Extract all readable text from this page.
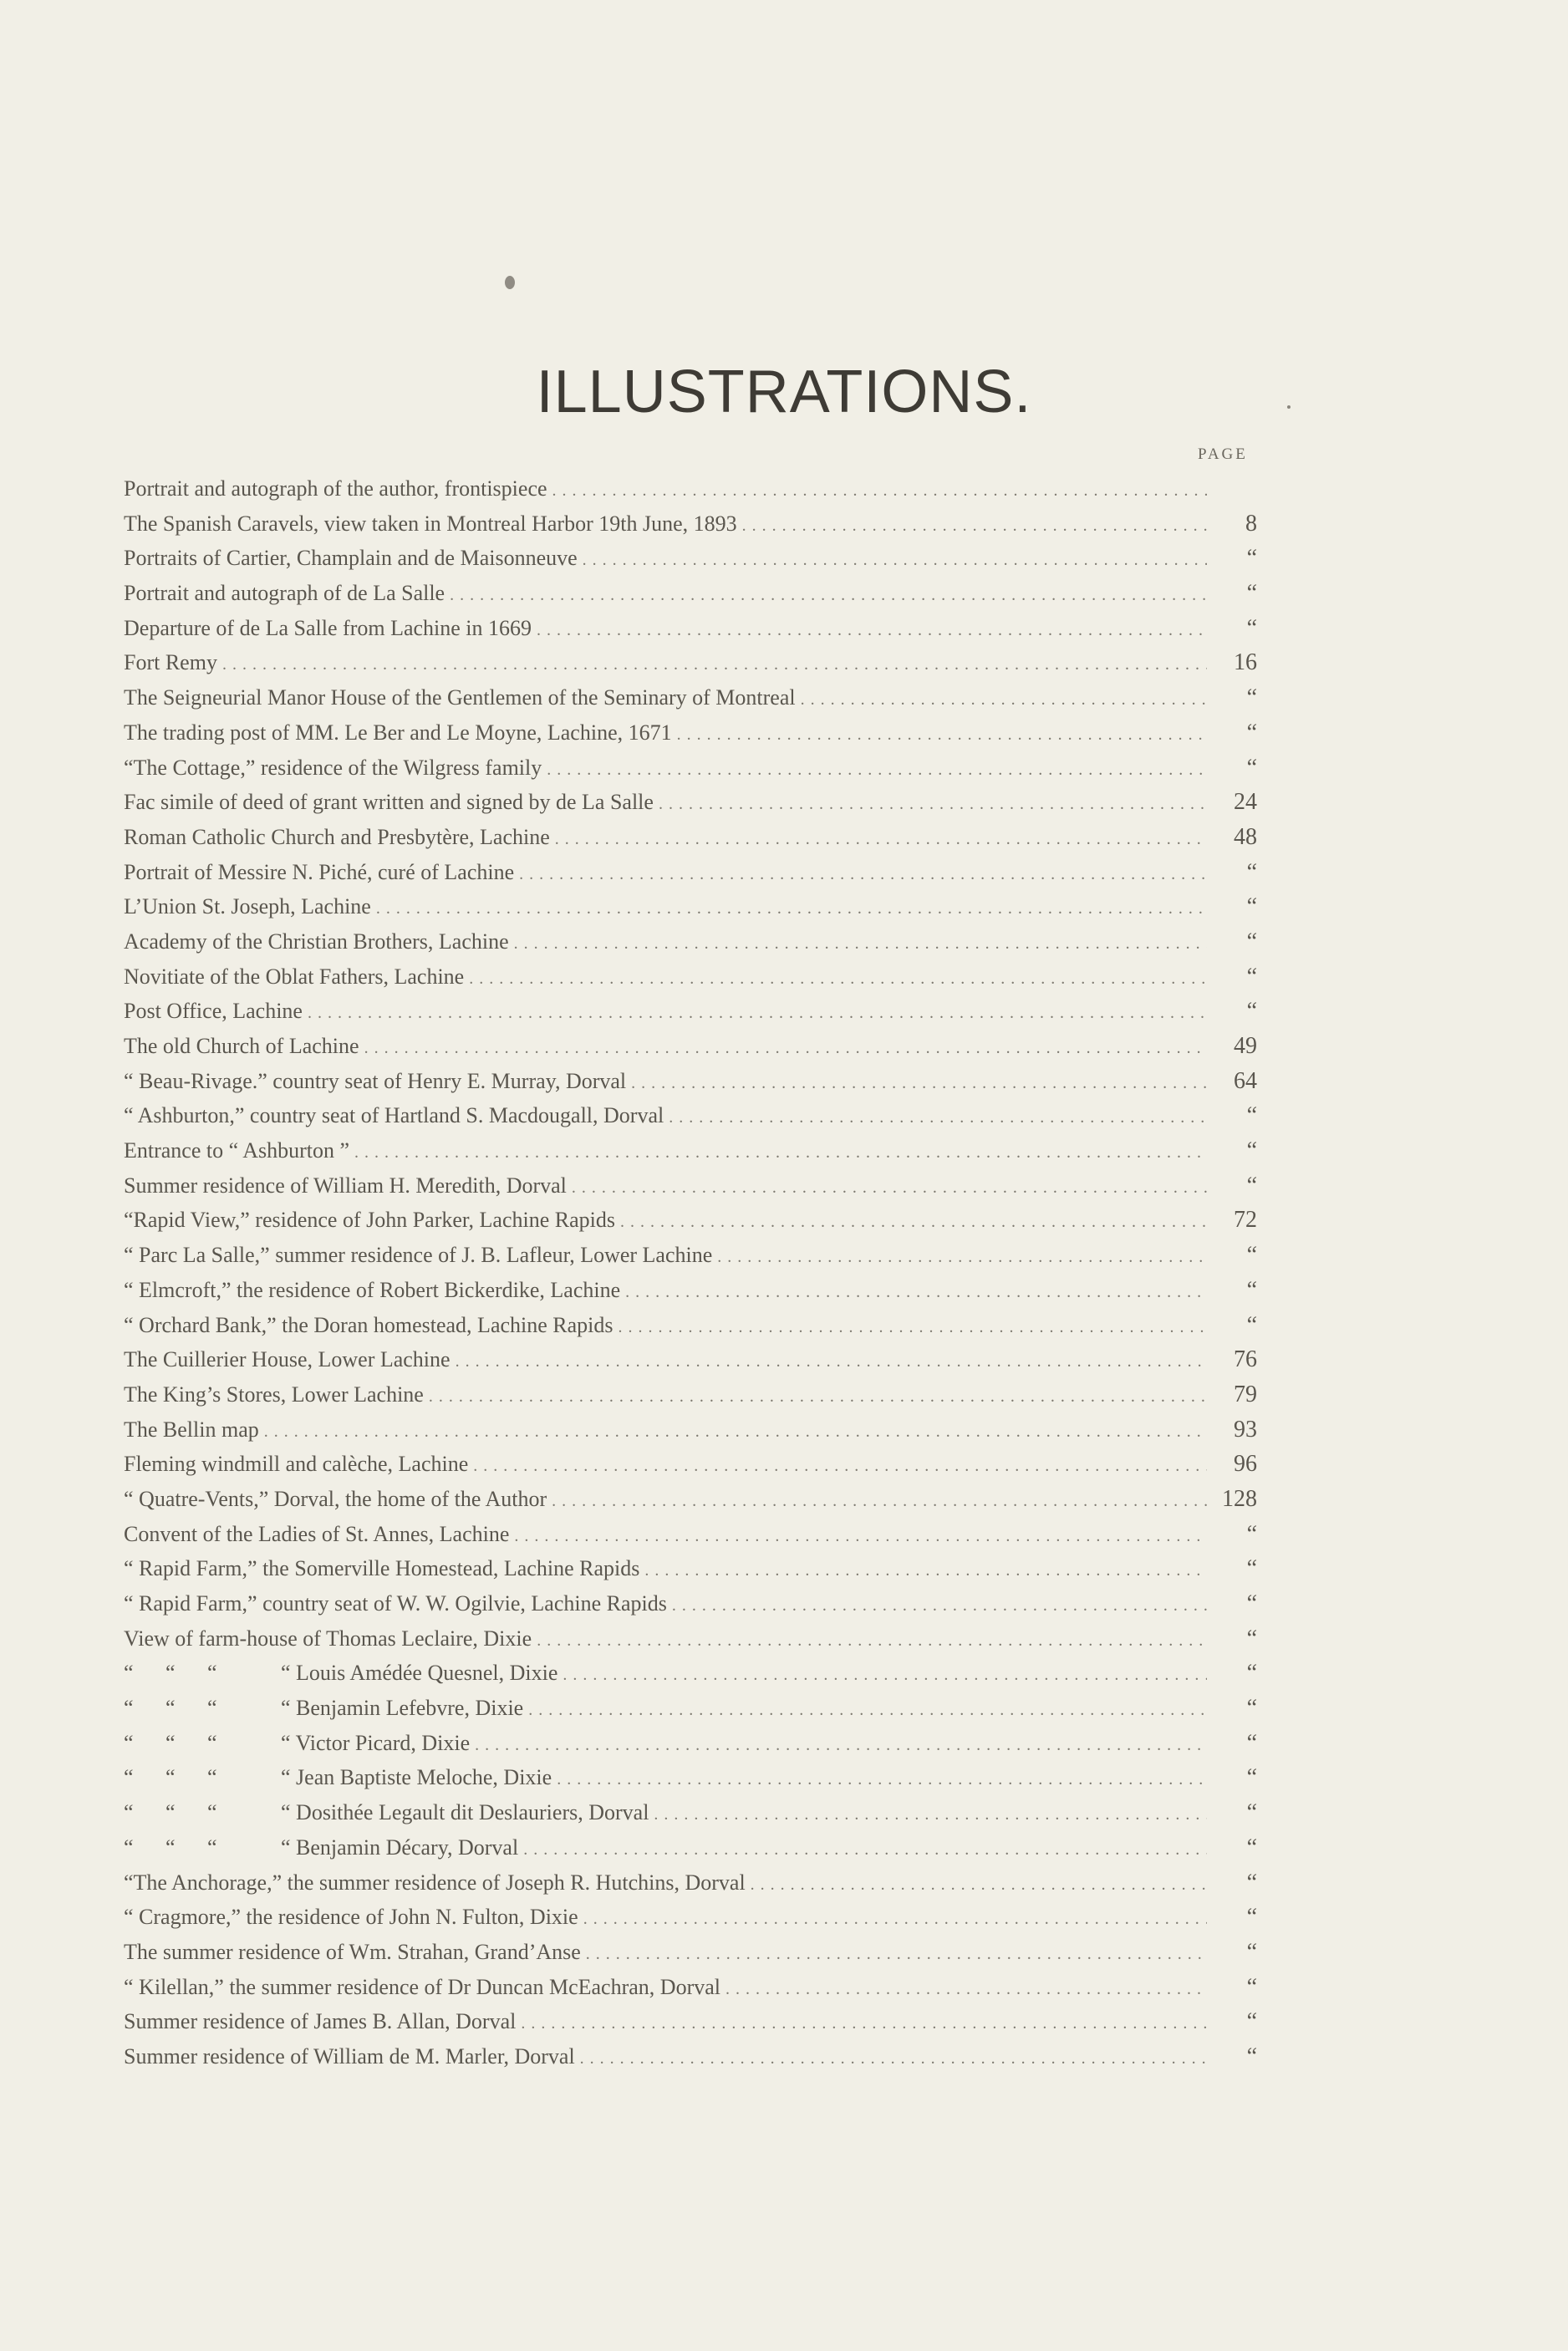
ILLUSTRATIONS.
PAGE
Portrait and autograph of the author, frontispiece . . .
The Spanish Caravels, view taken in Montreal Harbor 19th June, 1893 . . .	8
Portraits of Cartier, Champlain and de Maisonneuve . . .	“
Portrait and autograph of de La Salle . . .	“
Departure of de La Salle from Lachine in 1669 . . .	“
Fort Remy . . .	16
The Seigneurial Manor House of the Gentlemen of the Seminary of Montreal . . .	“
The trading post of MM. Le Ber and Le Moyne, Lachine, 1671 . . .	“
“The Cottage,” residence of the Wilgress family . . .	“
Fac simile of deed of grant written and signed by de La Salle . . .	24
Roman Catholic Church and Presbytère, Lachine . . .	48
Portrait of Messire N. Piché, curé of Lachine . . .	“
L’Union St. Joseph, Lachine . . .	“
Academy of the Christian Brothers, Lachine . . .	“
Novitiate of the Oblat Fathers, Lachine . . .	“
Post Office, Lachine . . .	“
The old Church of Lachine . . .	49
“ Beau-Rivage.” country seat of Henry E. Murray, Dorval . . .	64
“ Ashburton,” country seat of Hartland S. Macdougall, Dorval . . .	“
Entrance to “ Ashburton ” . . .	“
Summer residence of William H. Meredith, Dorval . . .	“
“Rapid View,” residence of John Parker, Lachine Rapids . . .	72
“ Parc La Salle,” summer residence of J. B. Lafleur, Lower Lachine . . .	“
“ Elmcroft,” the residence of Robert Bickerdike, Lachine . . .	“
“ Orchard Bank,” the Doran homestead, Lachine Rapids . . .	“
The Cuillerier House, Lower Lachine . . .	76
The King’s Stores, Lower Lachine . . .	79
The Bellin map . . .	93
Fleming windmill and calèche, Lachine . . .	96
“ Quatre-Vents,” Dorval, the home of the Author . . .	128
Convent of the Ladies of St. Annes, Lachine . . .	“
“ Rapid Farm,” the Somerville Homestead, Lachine Rapids . . .	“
“ Rapid Farm,” country seat of W. W. Ogilvie, Lachine Rapids . . .	“
View of farm-house of Thomas Leclaire, Dixie . . .	“
“ “ “	“ Louis Amédée Quesnel, Dixie . . .	“
“ “ “	“ Benjamin Lefebvre, Dixie . . .	“
“ “ “	“ Victor Picard, Dixie . . .	“
“ “ “	“ Jean Baptiste Meloche, Dixie . . .	“
“ “ “	“ Dosithée Legault dit Deslauriers, Dorval . . .	“
“ “ “	“ Benjamin Décary, Dorval . . .	“
“The Anchorage,” the summer residence of Joseph R. Hutchins, Dorval . . .	“
“ Cragmore,” the residence of John N. Fulton, Dixie . . .	“
The summer residence of Wm. Strahan, Grand’Anse . . .	“
“ Kilellan,” the summer residence of Dr Duncan McEachran, Dorval . . .	“
Summer residence of James B. Allan, Dorval . . .	“
Summer residence of William de M. Marler, Dorval . . .	“
